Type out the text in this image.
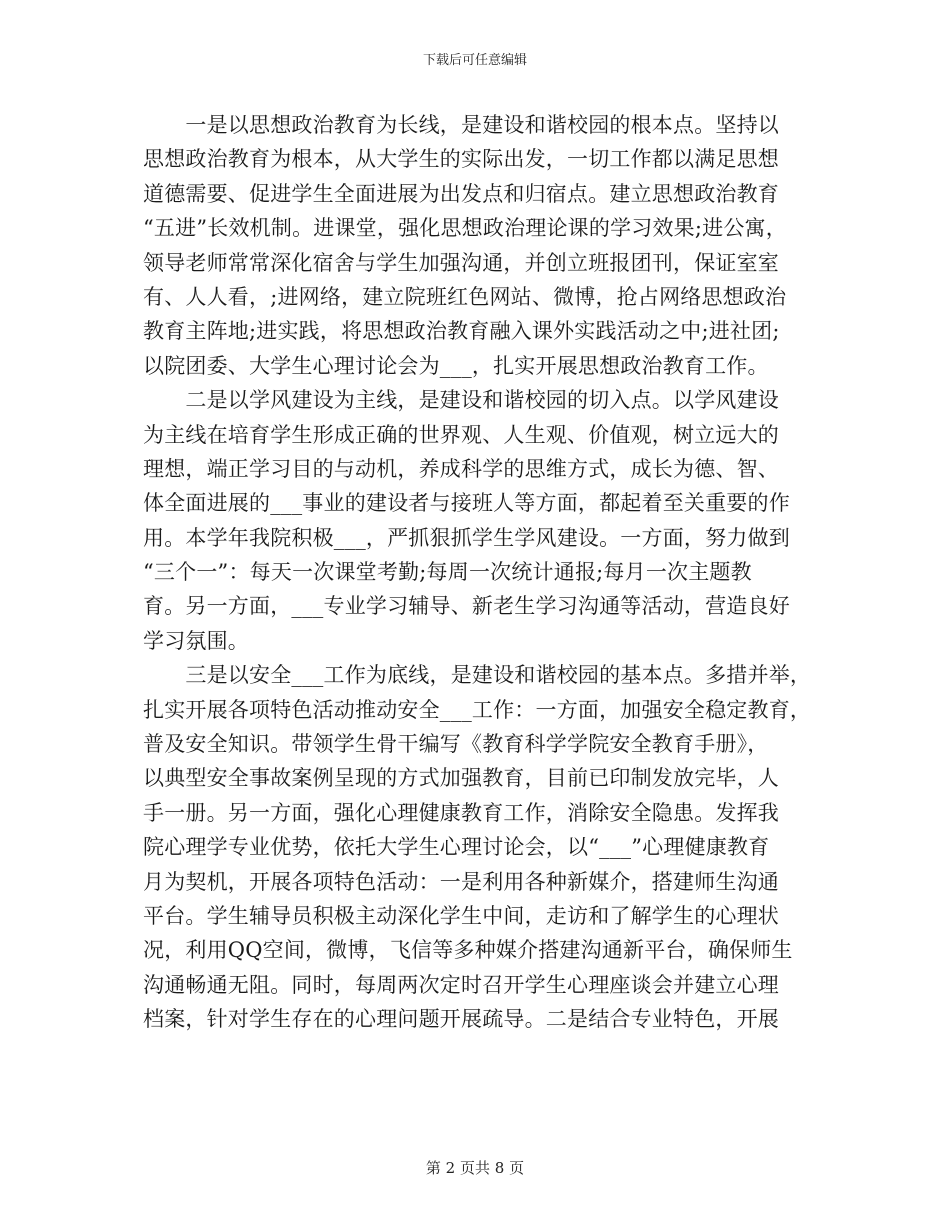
下载后可任意编辑
　　一是以思想政治教育为长线，是建设和谐校园的根本点。坚持以
思想政治教育为根本，从大学生的实际出发，一切工作都以满足思想
道德需要、促进学生全面进展为出发点和归宿点。建立思想政治教育
“五进”长效机制。进课堂，强化思想政治理论课的学习效果;进公寓，
领导老师常常深化宿舍与学生加强沟通，并创立班报团刊，保证室室
有、人人看，;进网络，建立院班红色网站、微博，抢占网络思想政治
教育主阵地;进实践，将思想政治教育融入课外实践活动之中;进社团;
以院团委、大学生心理讨论会为___，扎实开展思想政治教育工作。
　　二是以学风建设为主线，是建设和谐校园的切入点。以学风建设
为主线在培育学生形成正确的世界观、人生观、价值观，树立远大的
理想，端正学习目的与动机，养成科学的思维方式，成长为德、智、
体全面进展的___事业的建设者与接班人等方面，都起着至关重要的作
用。本学年我院积极___，严抓狠抓学生学风建设。一方面，努力做到
“三个一”：每天一次课堂考勤;每周一次统计通报;每月一次主题教
育。另一方面，___专业学习辅导、新老生学习沟通等活动，营造良好
学习氛围。
　　三是以安全___工作为底线，是建设和谐校园的基本点。多措并举，
扎实开展各项特色活动推动安全___工作：一方面，加强安全稳定教育，
普及安全知识。带领学生骨干编写《教育科学学院安全教育手册》，
以典型安全事故案例呈现的方式加强教育，目前已印制发放完毕，人
手一册。另一方面，强化心理健康教育工作，消除安全隐患。发挥我
院心理学专业优势，依托大学生心理讨论会，以“___”心理健康教育
月为契机，开展各项特色活动：一是利用各种新媒介，搭建师生沟通
平台。学生辅导员积极主动深化学生中间，走访和了解学生的心理状
况，利用QQ空间，微博，飞信等多种媒介搭建沟通新平台，确保师生
沟通畅通无阻。同时，每周两次定时召开学生心理座谈会并建立心理
档案，针对学生存在的心理问题开展疏导。二是结合专业特色，开展
第 2 页共 8 页
